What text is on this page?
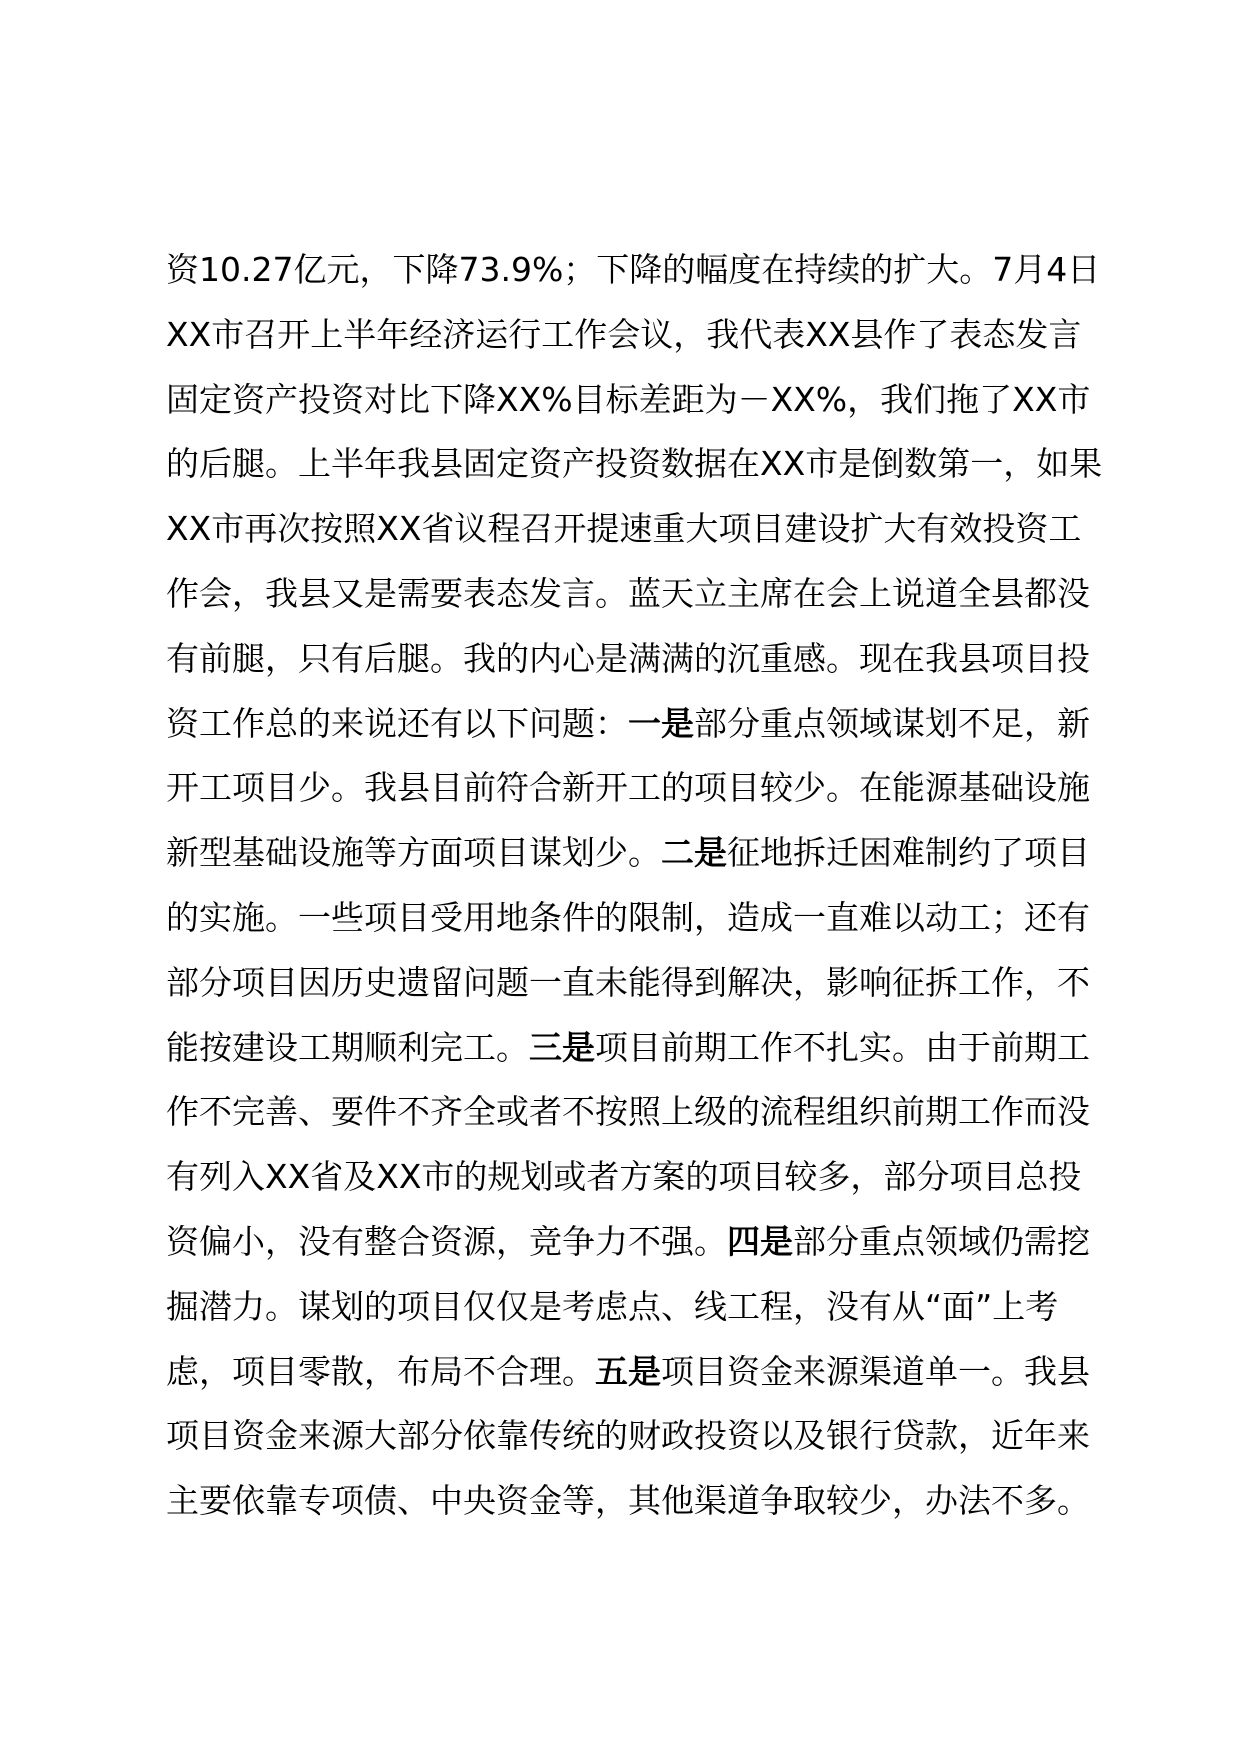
资10.27亿元，下降73.9%；下降的幅度在持续的扩大。7月4日
XX市召开上半年经济运行工作会议，我代表XX县作了表态发言
固定资产投资对比下降XX%目标差距为－XX%，我们拖了XX市
的后腿。上半年我县固定资产投资数据在XX市是倒数第一，如果
XX市再次按照XX省议程召开提速重大项目建设扩大有效投资工
作会，我县又是需要表态发言。蓝天立主席在会上说道全县都没
有前腿，只有后腿。我的内心是满满的沉重感。现在我县项目投
资工作总的来说还有以下问题：一是部分重点领域谋划不足，新
开工项目少。我县目前符合新开工的项目较少。在能源基础设施
新型基础设施等方面项目谋划少。二是征地拆迁困难制约了项目
的实施。一些项目受用地条件的限制，造成一直难以动工；还有
部分项目因历史遗留问题一直未能得到解决，影响征拆工作，不
能按建设工期顺利完工。三是项目前期工作不扎实。由于前期工
作不完善、要件不齐全或者不按照上级的流程组织前期工作而没
有列入XX省及XX市的规划或者方案的项目较多，部分项目总投
资偏小，没有整合资源，竞争力不强。四是部分重点领域仍需挖
掘潜力。谋划的项目仅仅是考虑点、线工程，没有从“面”上考
虑，项目零散，布局不合理。五是项目资金来源渠道单一。我县
项目资金来源大部分依靠传统的财政投资以及银行贷款，近年来
主要依靠专项债、中央资金等，其他渠道争取较少，办法不多。
